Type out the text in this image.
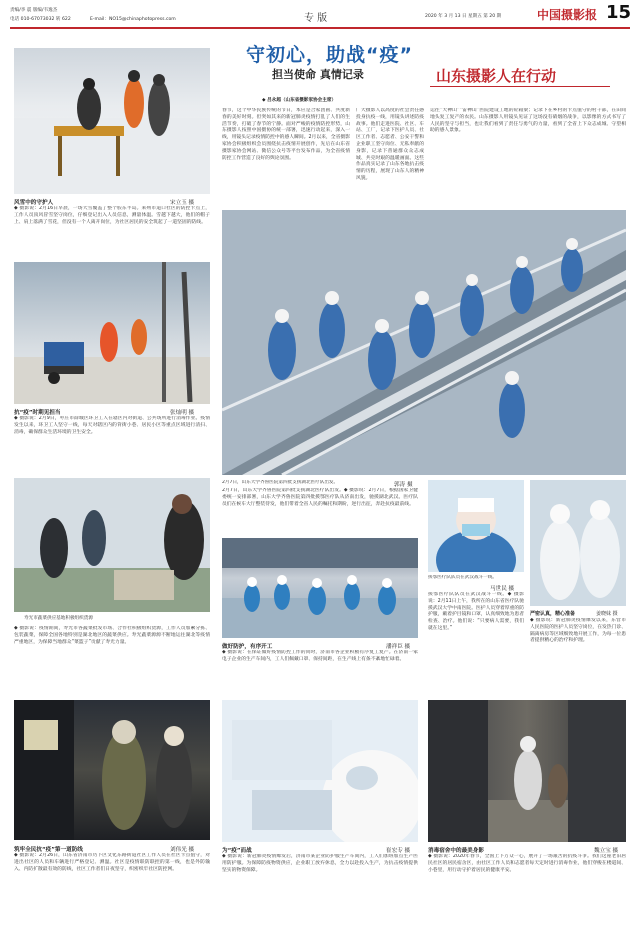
责编/李 震 版编/韦逸杰
电话 010-67073032 转 622	E-mail：NO15@chinaphotopress.com	专 版	2020 年 3 月 13 日 星期五 第 20 期	中国摄影报 15
守初心，助战“疫”
担当使命 真情记录	山东摄影人在行动
◆ 吕永超（山东省摄影家协会主席）
春节，这个中华民族传统的节日，本应是合家团圆、共度新春的美好时刻。但突如其来的新冠肺炎疫情打乱了人们的生活节奏，打破了春节的宁静。面对严峻的疫情防控形势，山东摄影人按照中国摄协的统一部署，迅速行动起来，深入一线，用镜头记录疫情防控中的感人瞬间。2月以来，全省摄影家协会积极组织会员围绕抗击疫情开展创作，先后在山东省摄影家协会网站、微信公众号等平台发布作品，为全省疫情防控工作营造了良好的舆论氛围。
广大摄影人以高度的社会责任感投身抗疫一线，用镜头讲述防疫故事。他们走进医院、社区、车站、工厂，记录下医护人员、社区工作者、志愿者、公安干警和企业职工坚守岗位、无私奉献的身影，记录下普通群众众志成城、共克时艰的温暖画面。这些作品真实记录了山东各地抗击疫情的历程，展现了山东人的精神风貌。
运往“大神山”“雷神山”医院建设工地的砼箱梁；记录下在乡村的卡点值守的村干部，在田间地头复工复产的农民。山东摄影人用镜头见证了这场没有硝烟的战争，以影像的方式书写了人民的坚守与担当，也让我们看到了责任与勇气的力量，看到了全省上下众志成城、守望相助的感人景象。
风雪中的守护人	宋立玉 摄
◆ 摄影说：2月16日早晨，一场大雪覆盖了整个胶东半岛。莱州市道口社区的防控卡点上，工作人员顶风冒雪坚守岗位，仔细登记出入人员信息，测量体温。雪越下越大，他们的帽子上、肩上落满了雪花，但没有一个人离开岗位，为社区居民的安全筑起了一道坚固的防线。
抗“疫”时期见担当	张灿明 摄
◆ 摄影说：2月9日，枣庄市薛城区环卫工人在辖区内对街道、公共场所进行消毒作业。疫情发生以来，环卫工人坚守一线，每天对辖区内的背街小巷、居民小区等重点区域进行清扫、消毒，确保群众生活环境的卫生安全。
寿光市蔬菜供应基地积极组织货源
◆ 摄影说：疫情期间，寿光市各蔬菜批发市场、合作社积极组织货源，工作人员加紧分拣、包装蔬菜，保障全国各地特别是湖北地区的蔬菜供应。寿光蔬菜源源不断地运往湖北等疫情严重地区，为保障当地群众“菜篮子”贡献了寿光力量。
筑牢全民抗“疫”第一道防线	刘伟光 摄
◆ 摄影说：2月26日，山东省济南市历下区文化东路街道社区工作人员在社区卡点值守，对进出社区的人员和车辆进行严格登记、测温。社区是疫情联防联控的第一线，也是外防输入、内防扩散最有效的防线，社区工作者们日夜坚守，织密织牢社区防控网。
2月7日，山东大学齐鲁医院第四批支援湖北医疗队出发。	郭涛 摄
2月7日，山东大学齐鲁医院第四批支援湖北医疗队出发。◆ 摄影说：2月7日，根据国家卫健委统一安排部署，山东大学齐鲁医院第四批援鄂医疗队从济南出发，驰援湖北武汉。医疗队员们在候车大厅整装待发，他们带着全省人民的嘱托和期盼，逆行出征，奔赴抗疫最前线。
做好防护，有序开工	潘祥臣 摄
◆ 摄影说：在保证做好疫情防控工作的同时，济南市各企业积极有序复工复产。在济南一家电子企业的生产车间内，工人们佩戴口罩、保持间距，在生产线上有条不紊地忙碌着。
为“疫”而战	崔宏专 摄
◆ 摄影说：新冠肺炎疫情爆发后，济南市某企业防护服生产车间内，工人们加班加点生产医用防护服。为保障防疫物资供应，企业职工放弃休息，全力以赴投入生产，为抗击疫情提供坚实的物资保障。
援鄂医疗队队员在武汉战斗一线。
马世民 摄
援鄂医疗队队员在武汉战斗一线。◆ 摄影说：2月11日上午，我所在的山东省医疗队驰援武汉大学中南医院。医护人员穿着厚重的防护服，戴着护目镜和口罩，认真细致地为患者检查、治疗。他们说：“只要病人需要，我们就在这里。”
严密认真，精心准备	姜晓妹 摄
◆ 摄影说：新冠肺炎疫情爆发以来，东营市人民医院的医护人员坚守岗位，在发热门诊、隔离病房等区域细致地开展工作，为每一位患者提供精心的治疗和护理。
消毒宿舍中的最美身影	魏立宝 摄
◆ 摄影说：2020年春节，全国上下万众一心，展开了一场艰苦的抗疫斗争。我们这座老旧居民社区的居民宿舍区，由社区工作人员和志愿者每天定时进行消毒作业，他们穿梭在楼道间、小巷里，用行动守护着居民的健康平安。
